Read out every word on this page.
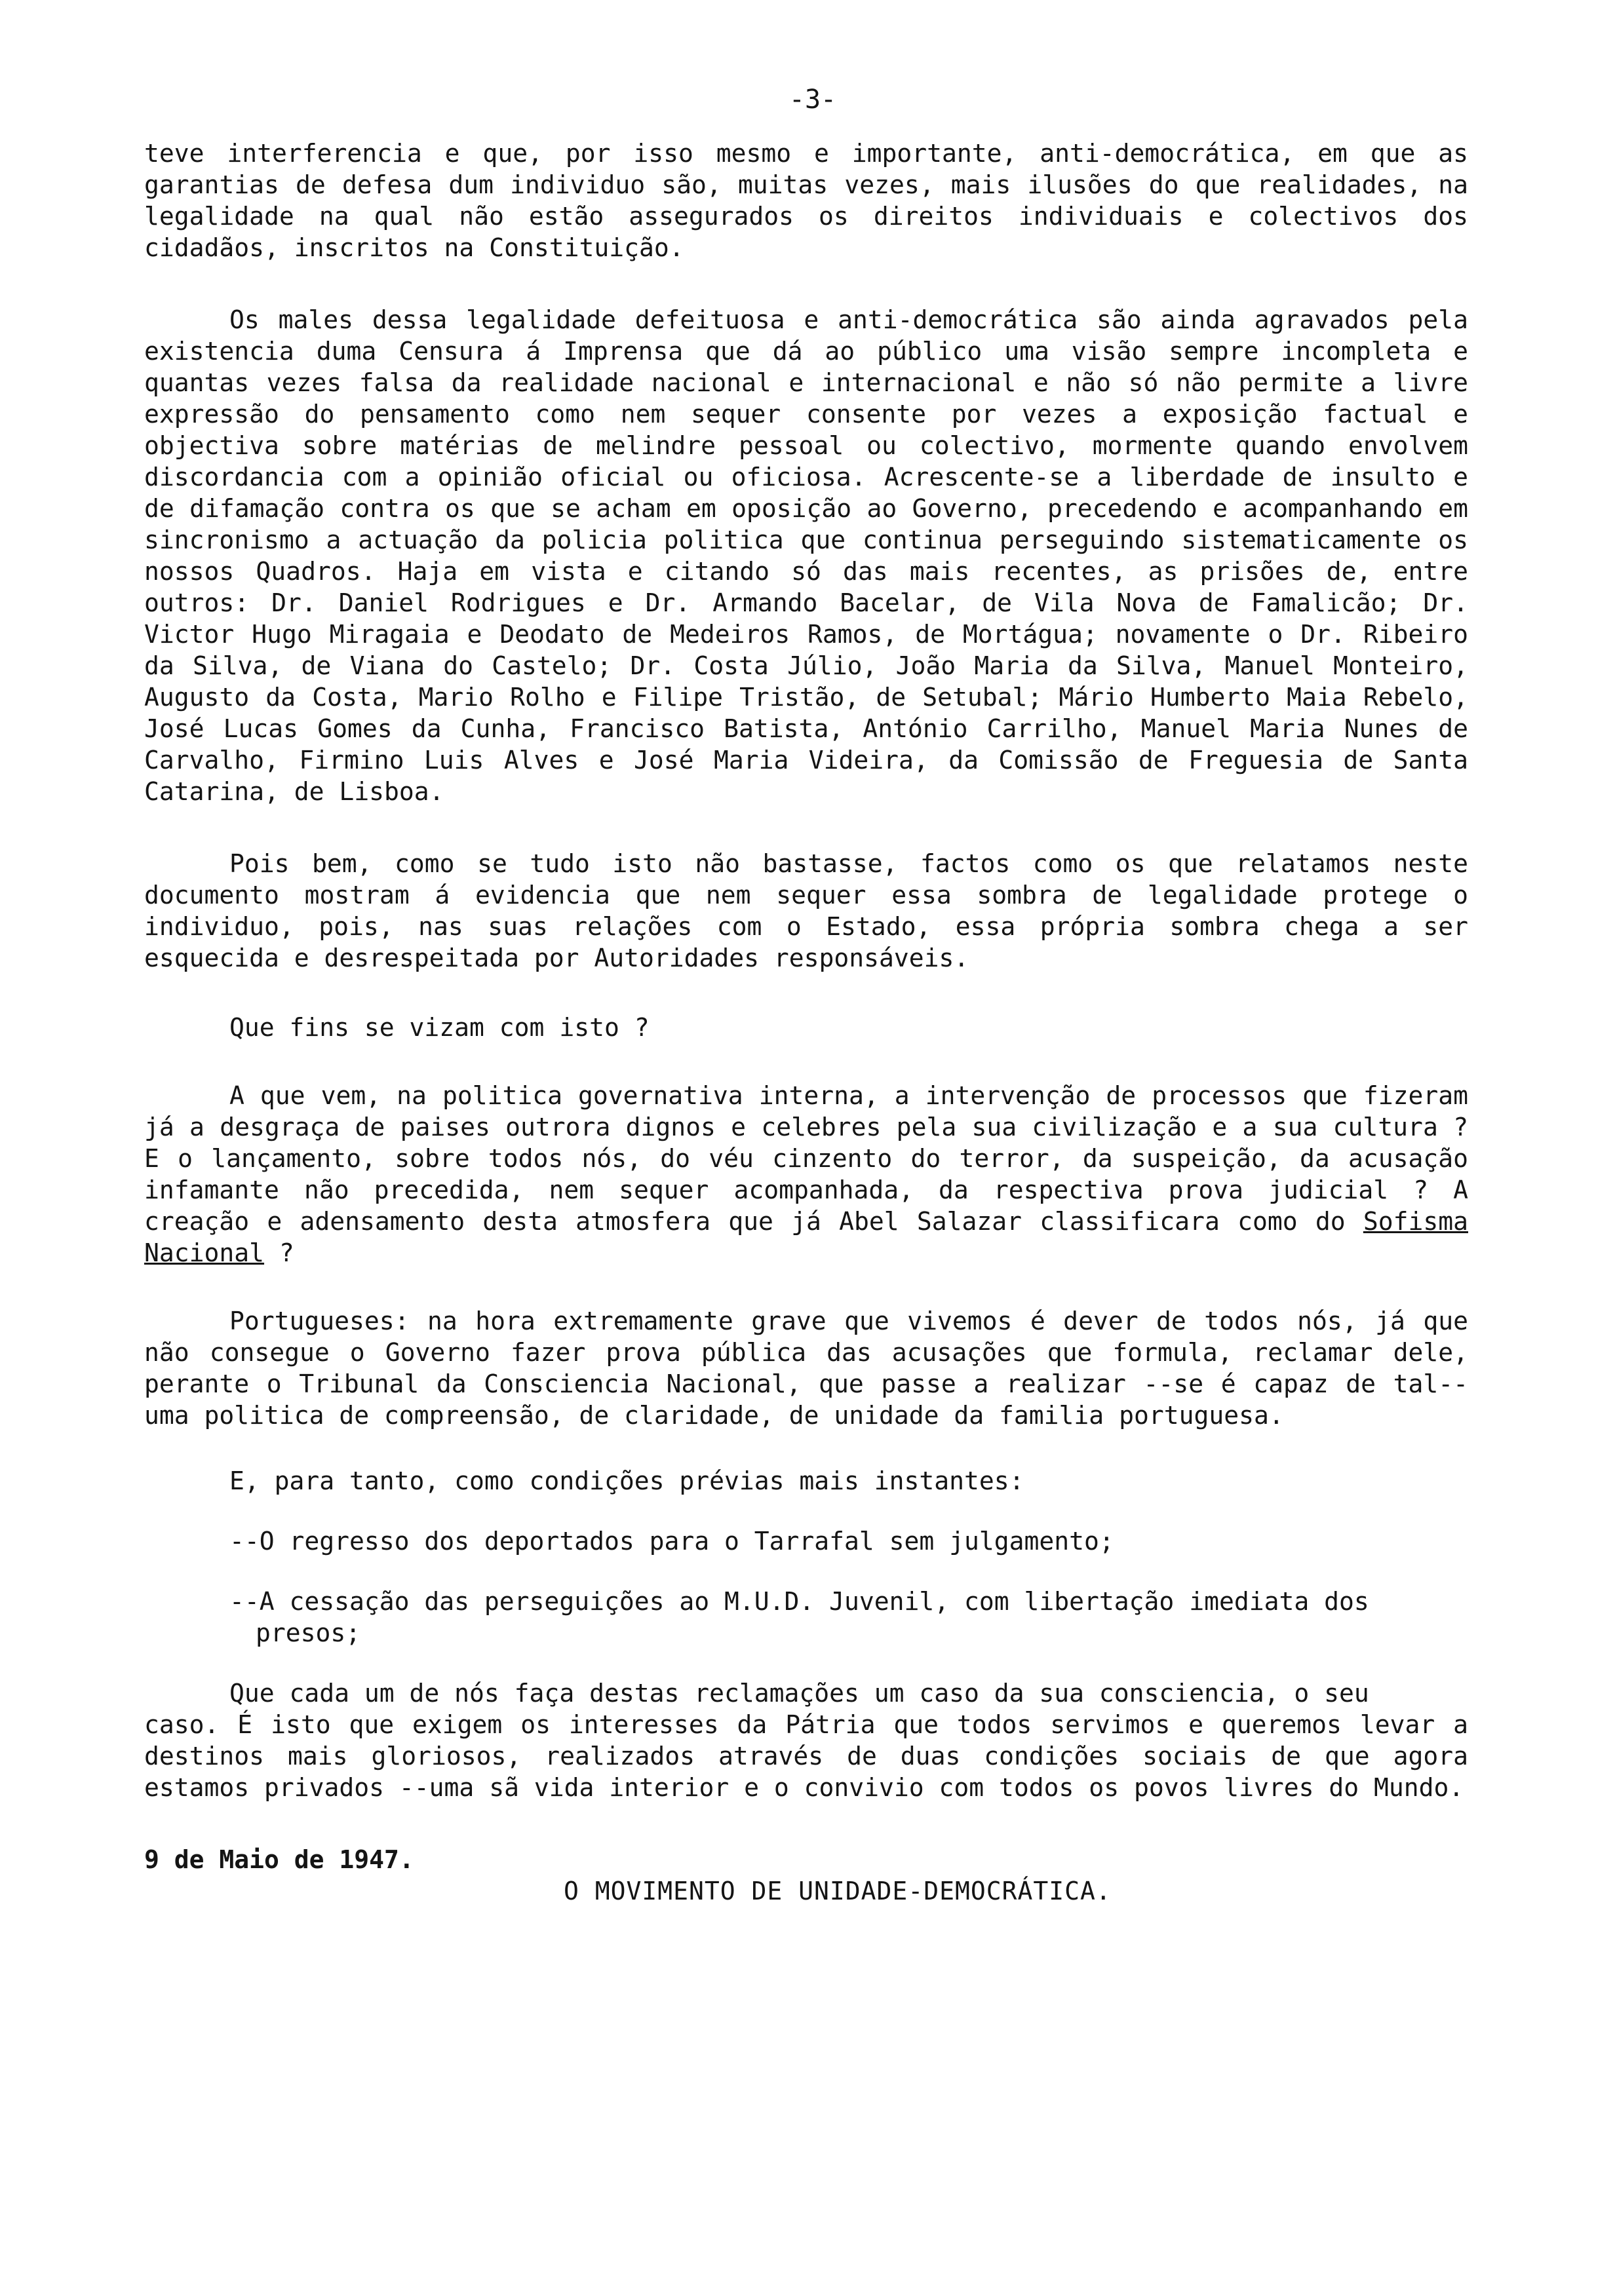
-3-

teve interferencia e que, por isso mesmo e importante, anti-democrática, em que as garantias de defesa dum individuo são, muitas vezes, mais ilusões do que realidades, na legalidade na qual não estão assegurados os direitos individuais e colectivos dos cidadãos, inscritos na Constituição.

Os males dessa legalidade defeituosa e anti-democrática são ainda agravados pela existencia duma Censura á Imprensa que dá ao público uma visão sempre incompleta e quantas vezes falsa da realidade nacional e internacional e não só não permite a livre expressão do pensamento como nem sequer consente por vezes a exposição factual e objectiva sobre matérias de melindre pessoal ou colectivo, mormente quando envolvem discordancia com a opinião oficial ou oficiosa. Acrescente-se a liberdade de insulto e de difamação contra os que se acham em oposição ao Governo, precedendo e acompanhando em sincronismo a actuação da policia politica que continua perseguindo sistematicamente os nossos Quadros. Haja em vista e citando só das mais recentes, as prisões de, entre outros: Dr. Daniel Rodrigues e Dr. Armando Bacelar, de Vila Nova de Famalicão; Dr. Victor Hugo Miragaia e Deodato de Medeiros Ramos, de Mortágua; novamente o Dr. Ribeiro da Silva, de Viana do Castelo; Dr. Costa Júlio, João Maria da Silva, Manuel Monteiro, Augusto da Costa, Mario Rolho e Filipe Tristão, de Setubal; Mário Humberto Maia Rebelo, José Lucas Gomes da Cunha, Francisco Batista, António Carrilho, Manuel Maria Nunes de Carvalho, Firmino Luis Alves e José Maria Videira, da Comissão de Freguesia de Santa Catarina, de Lisboa.

Pois bem, como se tudo isto não bastasse, factos como os que relatamos neste documento mostram á evidencia que nem sequer essa sombra de legalidade protege o individuo, pois, nas suas relações com o Estado, essa própria sombra chega a ser esquecida e desrespeitada por Autoridades responsáveis.

Que fins se vizam com isto ?

A que vem, na politica governativa interna, a intervenção de processos que fizeram já a desgraça de paises outrora dignos e celebres pela sua civilização e a sua cultura ? E o lançamento, sobre todos nós, do véu cinzento do terror, da suspeição, da acusação infamante não precedida, nem sequer acompanhada, da respectiva prova judicial ? A creação e adensamento desta atmosfera que já Abel Salazar classificara como do Sofisma Nacional ?

Portugueses: na hora extremamente grave que vivemos é dever de todos nós, já que não consegue o Governo fazer prova pública das acusações que formula, reclamar dele, perante o Tribunal da Consciencia Nacional, que passe a realizar --se é capaz de tal-- uma politica de compreensão, de claridade, de unidade da familia portuguesa.

E, para tanto, como condições prévias mais instantes:

--O regresso dos deportados para o Tarrafal sem julgamento;

--A cessação das perseguições ao M.U.D. Juvenil, com libertação imediata dos
presos;

Que cada um de nós faça destas reclamações um caso da sua consciencia, o seu
caso. É isto que exigem os interesses da Pátria que todos servimos e queremos levar a destinos mais gloriosos, realizados através de duas condições sociais de que agora estamos privados --uma sã vida interior e o convivio com todos os povos livres do Mundo.

9 de Maio de 1947.
O MOVIMENTO DE UNIDADE-DEMOCRÁTICA.
